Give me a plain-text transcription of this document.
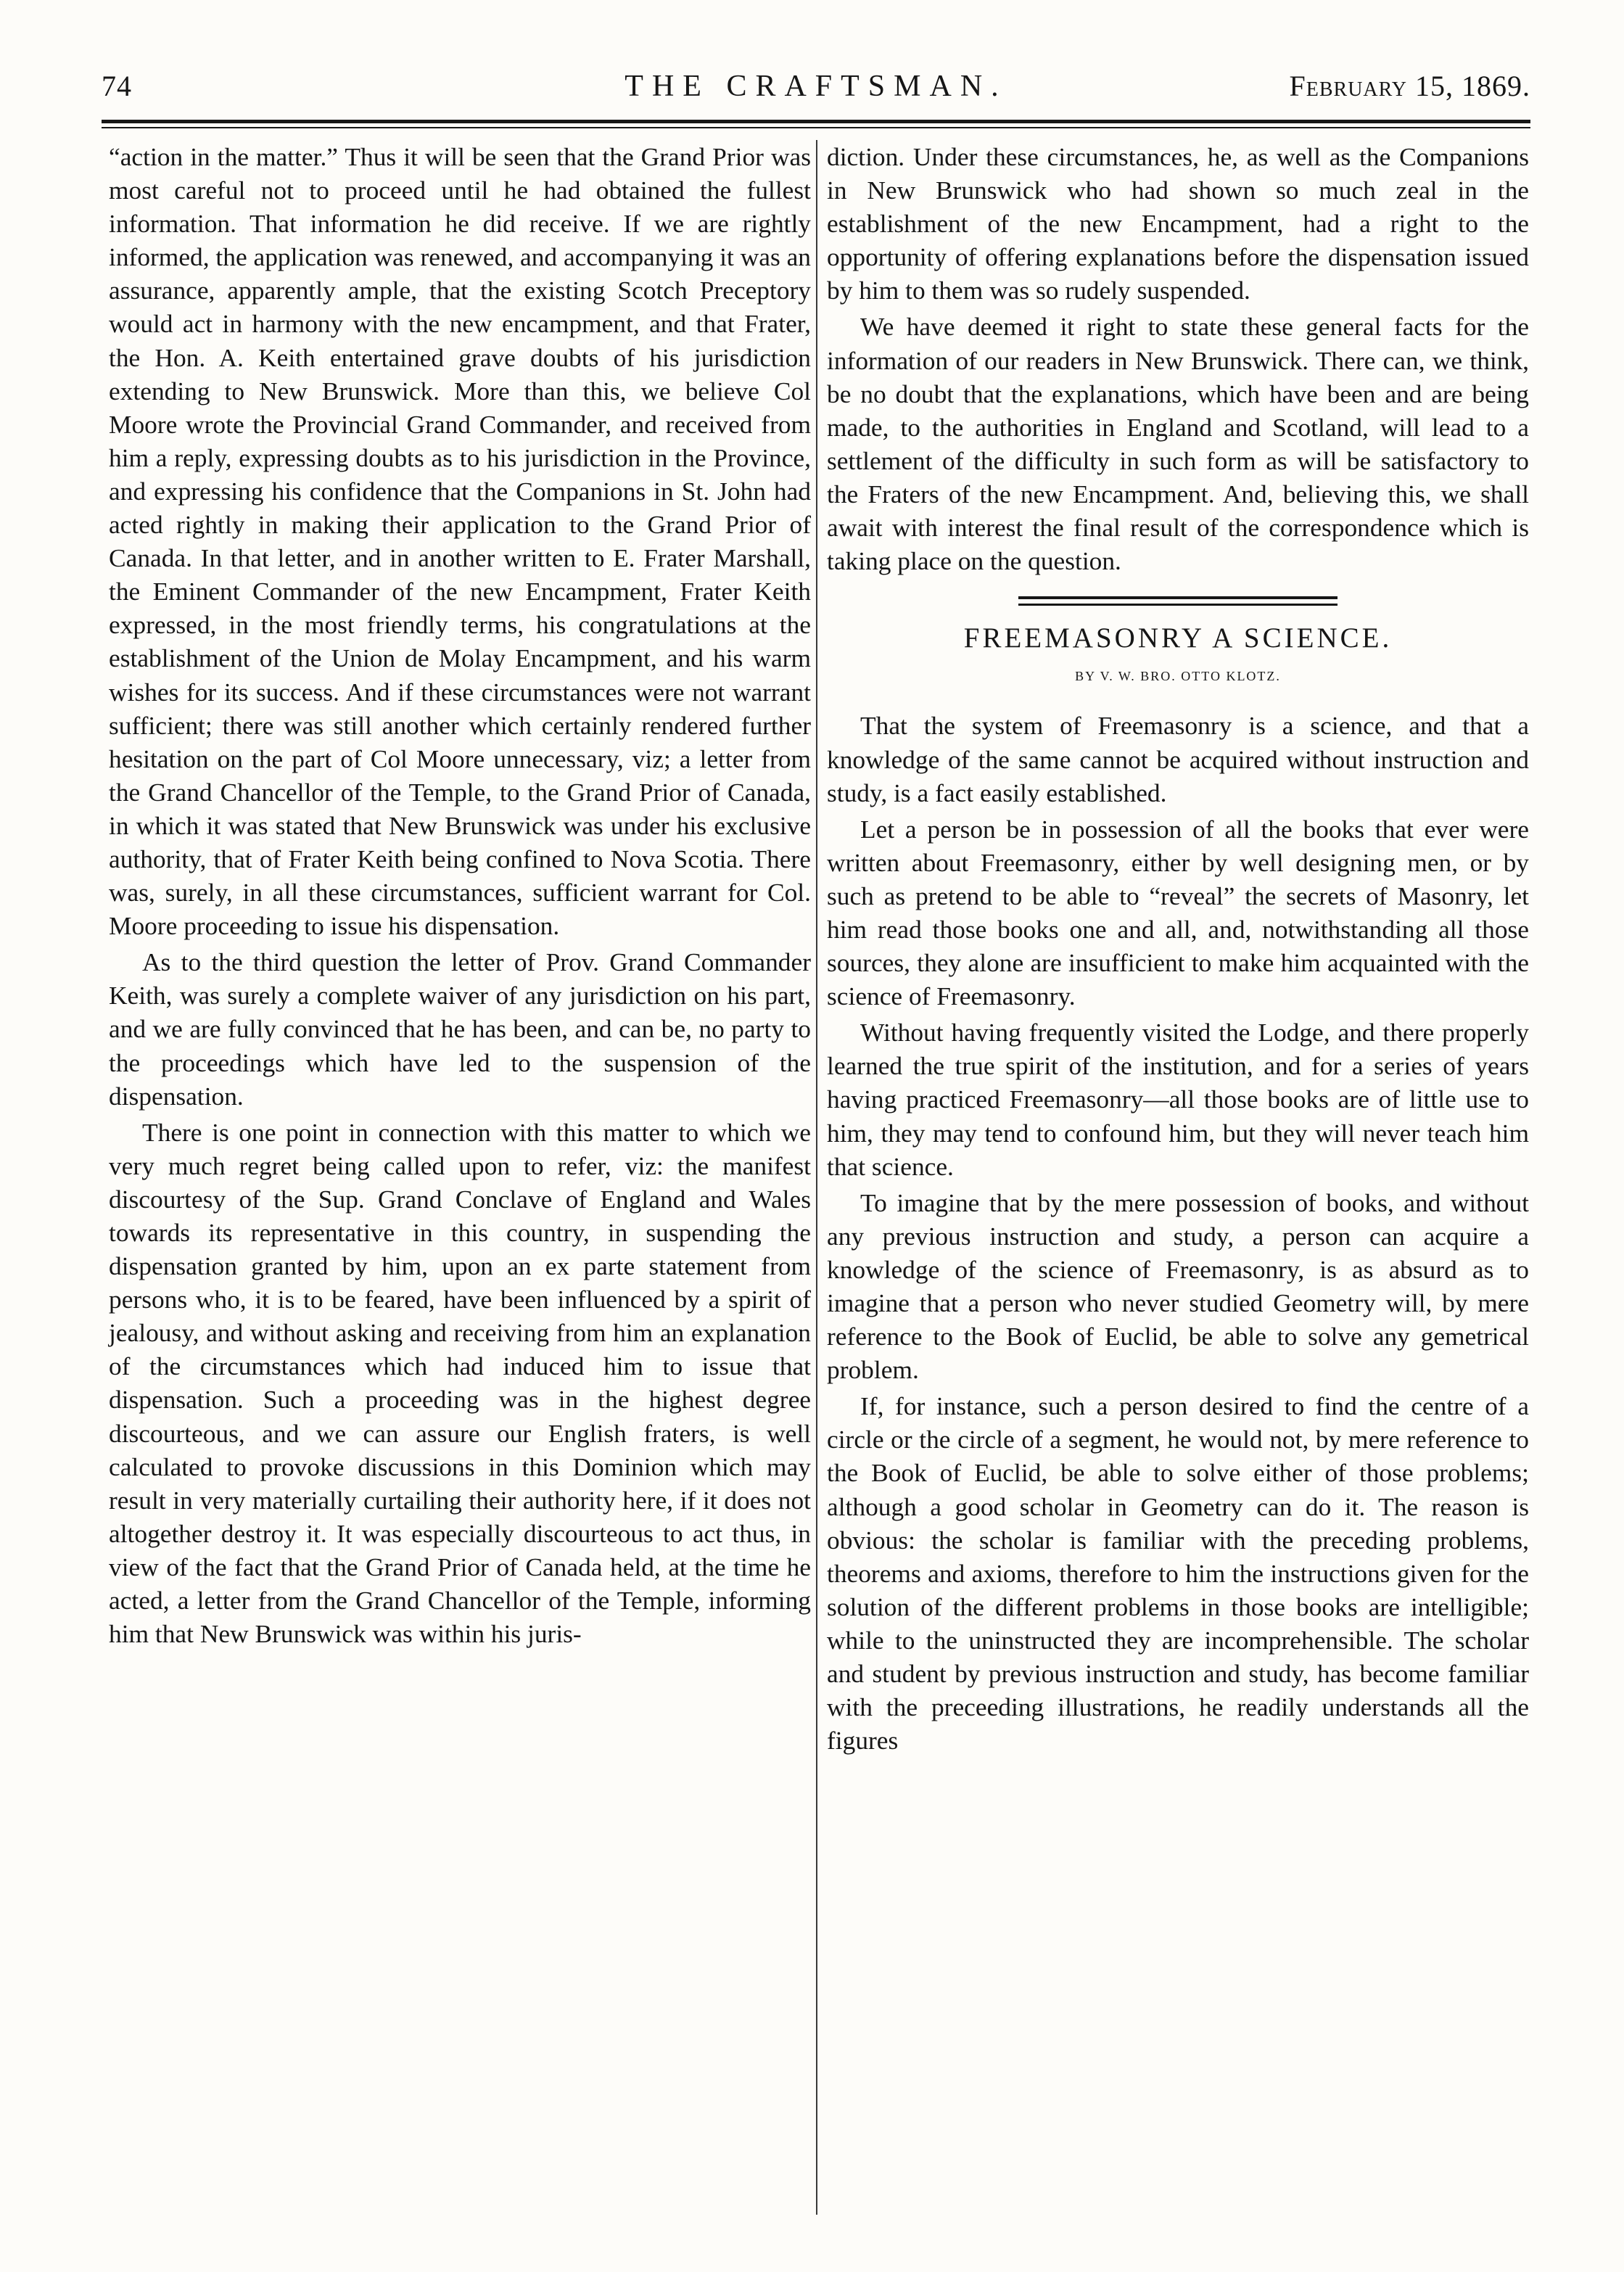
74	THE CRAFTSMAN.	February 15, 1869.

“action in the matter.” Thus it will be seen that the Grand Prior was most careful not to proceed until he had obtained the fullest information. That information he did receive. If we are rightly informed, the application was renewed, and accompanying it was an assurance, apparently ample, that the existing Scotch Preceptory would act in harmony with the new encampment, and that Frater, the Hon. A. Keith entertained grave doubts of his jurisdiction extending to New Brunswick. More than this, we believe Col Moore wrote the Provincial Grand Commander, and received from him a reply, expressing doubts as to his jurisdiction in the Province, and expressing his confidence that the Companions in St. John had acted rightly in making their application to the Grand Prior of Canada. In that letter, and in another written to E. Frater Marshall, the Eminent Commander of the new Encampment, Frater Keith expressed, in the most friendly terms, his congratulations at the establishment of the Union de Molay Encampment, and his warm wishes for its success. And if these circumstances were not warrant sufficient; there was still another which certainly rendered further hesitation on the part of Col Moore unnecessary, viz; a letter from the Grand Chancellor of the Temple, to the Grand Prior of Canada, in which it was stated that New Brunswick was under his exclusive authority, that of Frater Keith being confined to Nova Scotia. There was, surely, in all these circumstances, sufficient warrant for Col. Moore proceeding to issue his dispensation.

As to the third question the letter of Prov. Grand Commander Keith, was surely a complete waiver of any jurisdiction on his part, and we are fully convinced that he has been, and can be, no party to the proceedings which have led to the suspension of the dispensation.

There is one point in connection with this matter to which we very much regret being called upon to refer, viz: the manifest discourtesy of the Sup. Grand Conclave of England and Wales towards its representative in this country, in suspending the dispensation granted by him, upon an ex parte statement from persons who, it is to be feared, have been influenced by a spirit of jealousy, and without asking and receiving from him an explanation of the circumstances which had induced him to issue that dispensation. Such a proceeding was in the highest degree discourteous, and we can assure our English fraters, is well calculated to provoke discussions in this Dominion which may result in very materially curtailing their authority here, if it does not altogether destroy it. It was especially discourteous to act thus, in view of the fact that the Grand Prior of Canada held, at the time he acted, a letter from the Grand Chancellor of the Temple, informing him that New Brunswick was within his juris-

diction. Under these circumstances, he, as well as the Companions in New Brunswick who had shown so much zeal in the establishment of the new Encampment, had a right to the opportunity of offering explanations before the dispensation issued by him to them was so rudely suspended.

We have deemed it right to state these general facts for the information of our readers in New Brunswick. There can, we think, be no doubt that the explanations, which have been and are being made, to the authorities in England and Scotland, will lead to a settlement of the difficulty in such form as will be satisfactory to the Fraters of the new Encampment. And, believing this, we shall await with interest the final result of the correspondence which is taking place on the question.

FREEMASONRY A SCIENCE.
BY V. W. BRO. OTTO KLOTZ.

That the system of Freemasonry is a science, and that a knowledge of the same cannot be acquired without instruction and study, is a fact easily established.

Let a person be in possession of all the books that ever were written about Freemasonry, either by well designing men, or by such as pretend to be able to “reveal” the secrets of Masonry, let him read those books one and all, and, notwithstanding all those sources, they alone are insufficient to make him acquainted with the science of Freemasonry.

Without having frequently visited the Lodge, and there properly learned the true spirit of the institution, and for a series of years having practiced Freemasonry—all those books are of little use to him, they may tend to confound him, but they will never teach him that science.

To imagine that by the mere possession of books, and without any previous instruction and study, a person can acquire a knowledge of the science of Freemasonry, is as absurd as to imagine that a person who never studied Geometry will, by mere reference to the Book of Euclid, be able to solve any gemetrical problem.

If, for instance, such a person desired to find the centre of a circle or the circle of a segment, he would not, by mere reference to the Book of Euclid, be able to solve either of those problems; although a good scholar in Geometry can do it. The reason is obvious: the scholar is familiar with the preceding problems, theorems and axioms, therefore to him the instructions given for the solution of the different problems in those books are intelligible; while to the uninstructed they are incomprehensible. The scholar and student by previous instruction and study, has become familiar with the preceeding illustrations, he readily understands all the figures
